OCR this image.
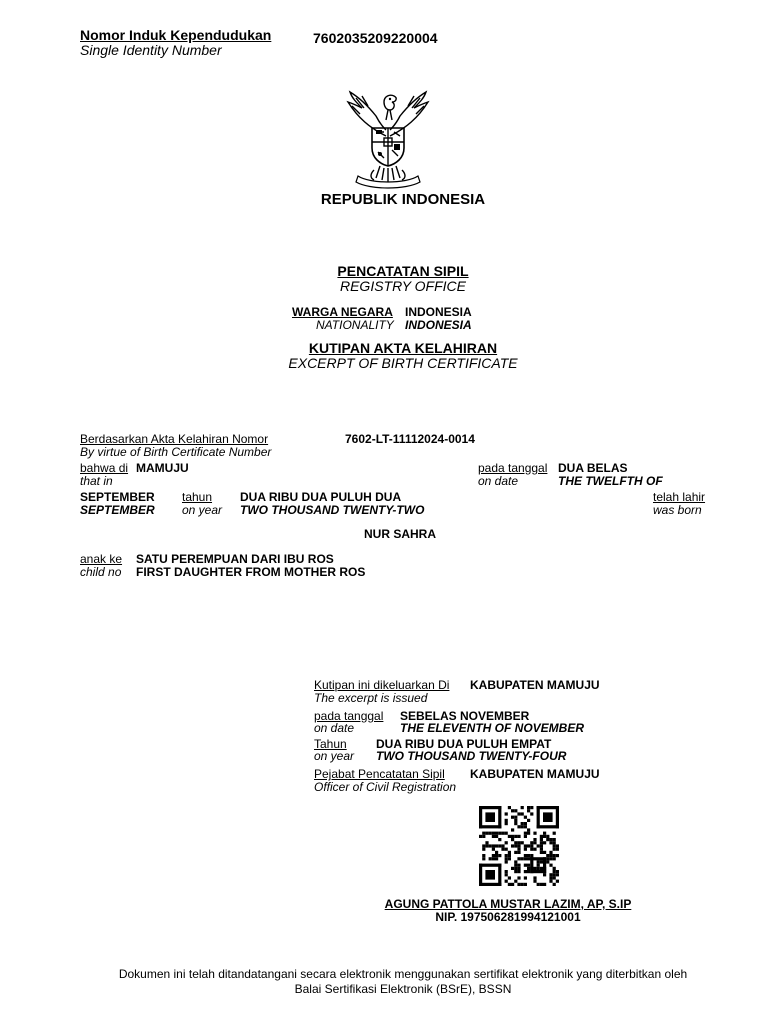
Nomor Induk Kependudukan
Single Identity Number
7602035209220004
REPUBLIK INDONESIA
PENCATATAN SIPIL
REGISTRY OFFICE
WARGA NEGARA INDONESIA
NATIONALITY INDONESIA
KUTIPAN AKTA KELAHIRAN
EXCERPT OF BIRTH CERTIFICATE
Berdasarkan Akta Kelahiran Nomor
By virtue of Birth Certificate Number
7602-LT-11112024-0014
bahwa di MAMUJU
that in
pada tanggal
on date
DUA BELAS
THE TWELFTH OF
SEPTEMBER
SEPTEMBER
tahun
on year
DUA RIBU DUA PULUH DUA
TWO THOUSAND TWENTY-TWO
telah lahir
was born
NUR SAHRA
anak ke
child no
SATU PEREMPUAN DARI IBU ROS
FIRST DAUGHTER FROM MOTHER ROS
Kutipan ini dikeluarkan Di
The excerpt is issued
KABUPATEN MAMUJU
pada tanggal
on date
SEBELAS NOVEMBER
THE ELEVENTH OF NOVEMBER
Tahun
on year
DUA RIBU DUA PULUH EMPAT
TWO THOUSAND TWENTY-FOUR
Pejabat Pencatatan Sipil
Officer of Civil Registration
KABUPATEN MAMUJU
AGUNG PATTOLA MUSTAR LAZIM, AP, S.IP
NIP. 197506281994121001
Dokumen ini telah ditandatangani secara elektronik menggunakan sertifikat elektronik yang diterbitkan oleh
Balai Sertifikasi Elektronik (BSrE), BSSN
